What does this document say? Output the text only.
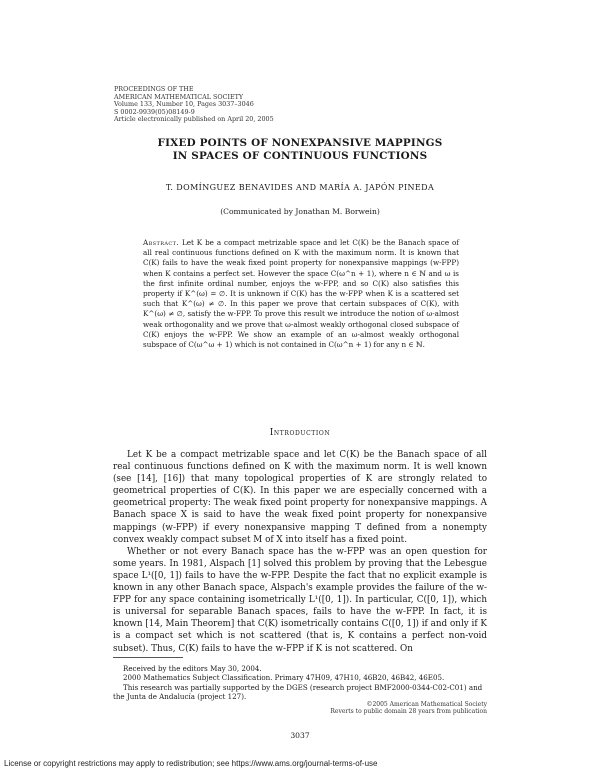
PROCEEDINGS OF THE
AMERICAN MATHEMATICAL SOCIETY
Volume 133, Number 10, Pages 3037–3046
S 0002-9939(05)08149-9
Article electronically published on April 20, 2005
FIXED POINTS OF NONEXPANSIVE MAPPINGS
IN SPACES OF CONTINUOUS FUNCTIONS
T. DOMÍNGUEZ BENAVIDES AND MARÍA A. JAPÓN PINEDA
(Communicated by Jonathan M. Borwein)
Abstract. Let K be a compact metrizable space and let C(K) be the Banach space of all real continuous functions defined on K with the maximum norm. It is known that C(K) fails to have the weak fixed point property for nonexpansive mappings (w-FPP) when K contains a perfect set. However the space C(ω^n + 1), where n ∈ ℕ and ω is the first infinite ordinal number, enjoys the w-FPP, and so C(K) also satisfies this property if K^(ω) = ∅. It is unknown if C(K) has the w-FPP when K is a scattered set such that K^(ω) ≠ ∅. In this paper we prove that certain subspaces of C(K), with K^(ω) ≠ ∅, satisfy the w-FPP. To prove this result we introduce the notion of ω-almost weak orthogonality and we prove that ω-almost weakly orthogonal closed subspace of C(K) enjoys the w-FPP. We show an example of an ω-almost weakly orthogonal subspace of C(ω^ω + 1) which is not contained in C(ω^n + 1) for any n ∈ ℕ.
Introduction

Let K be a compact metrizable space and let C(K) be the Banach space of all real continuous functions defined on K with the maximum norm. It is well known (see [14], [16]) that many topological properties of K are strongly related to geometrical properties of C(K). In this paper we are especially concerned with a geometrical property: The weak fixed point property for nonexpansive mappings. A Banach space X is said to have the weak fixed point property for nonexpansive mappings (w-FPP) if every nonexpansive mapping T defined from a nonempty convex weakly compact subset M of X into itself has a fixed point.

Whether or not every Banach space has the w-FPP was an open question for some years. In 1981, Alspach [1] solved this problem by proving that the Lebesgue space L¹([0, 1]) fails to have the w-FPP. Despite the fact that no explicit example is known in any other Banach space, Alspach's example provides the failure of the w-FPP for any space containing isometrically L¹([0, 1]). In particular, C([0, 1]), which is universal for separable Banach spaces, fails to have the w-FPP. In fact, it is known [14, Main Theorem] that C(K) isometrically contains C([0, 1]) if and only if K is a compact set which is not scattered (that is, K contains a perfect non-void subset). Thus, C(K) fails to have the w-FPP if K is not scattered. On

Received by the editors May 30, 2004.

2000 Mathematics Subject Classification. Primary 47H09, 47H10, 46B20, 46B42, 46E05.

This research was partially supported by the DGES (research project BMF2000-0344-C02-C01) and the Junta de Andalucía (project 127).

©2005 American Mathematical Society
Reverts to public domain 28 years from publication
3037
License or copyright restrictions may apply to redistribution; see https://www.ams.org/journal-terms-of-use
